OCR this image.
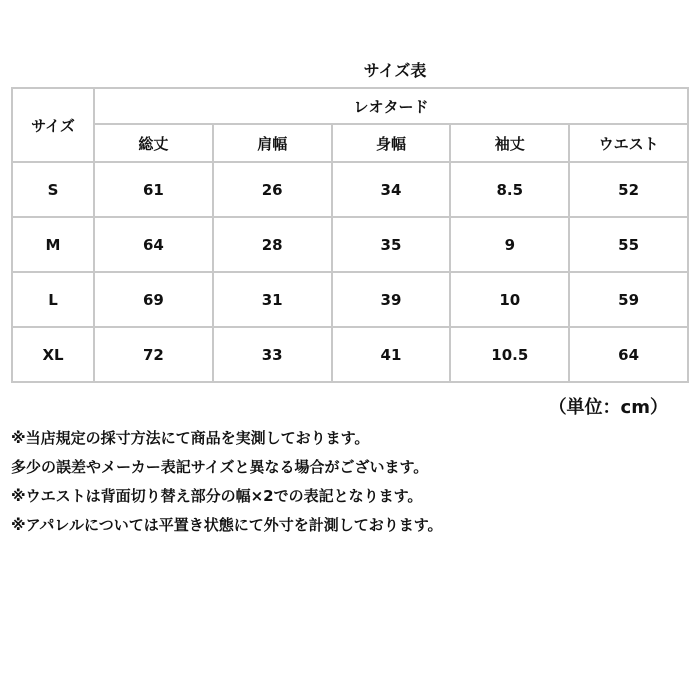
サイズ表
サイズ	レオタード				
	総丈	肩幅	身幅	袖丈	ウエスト
S	61	26	34	8.5	52
M	64	28	35	9	55
L	69	31	39	10	59
XL	72	33	41	10.5	64
（単位：cm）
※当店規定の採寸方法にて商品を実測しております。
多少の誤差やメーカー表記サイズと異なる場合がございます。
※ウエストは背面切り替え部分の幅×2での表記となります。
※アパレルについては平置き状態にて外寸を計測しております。
